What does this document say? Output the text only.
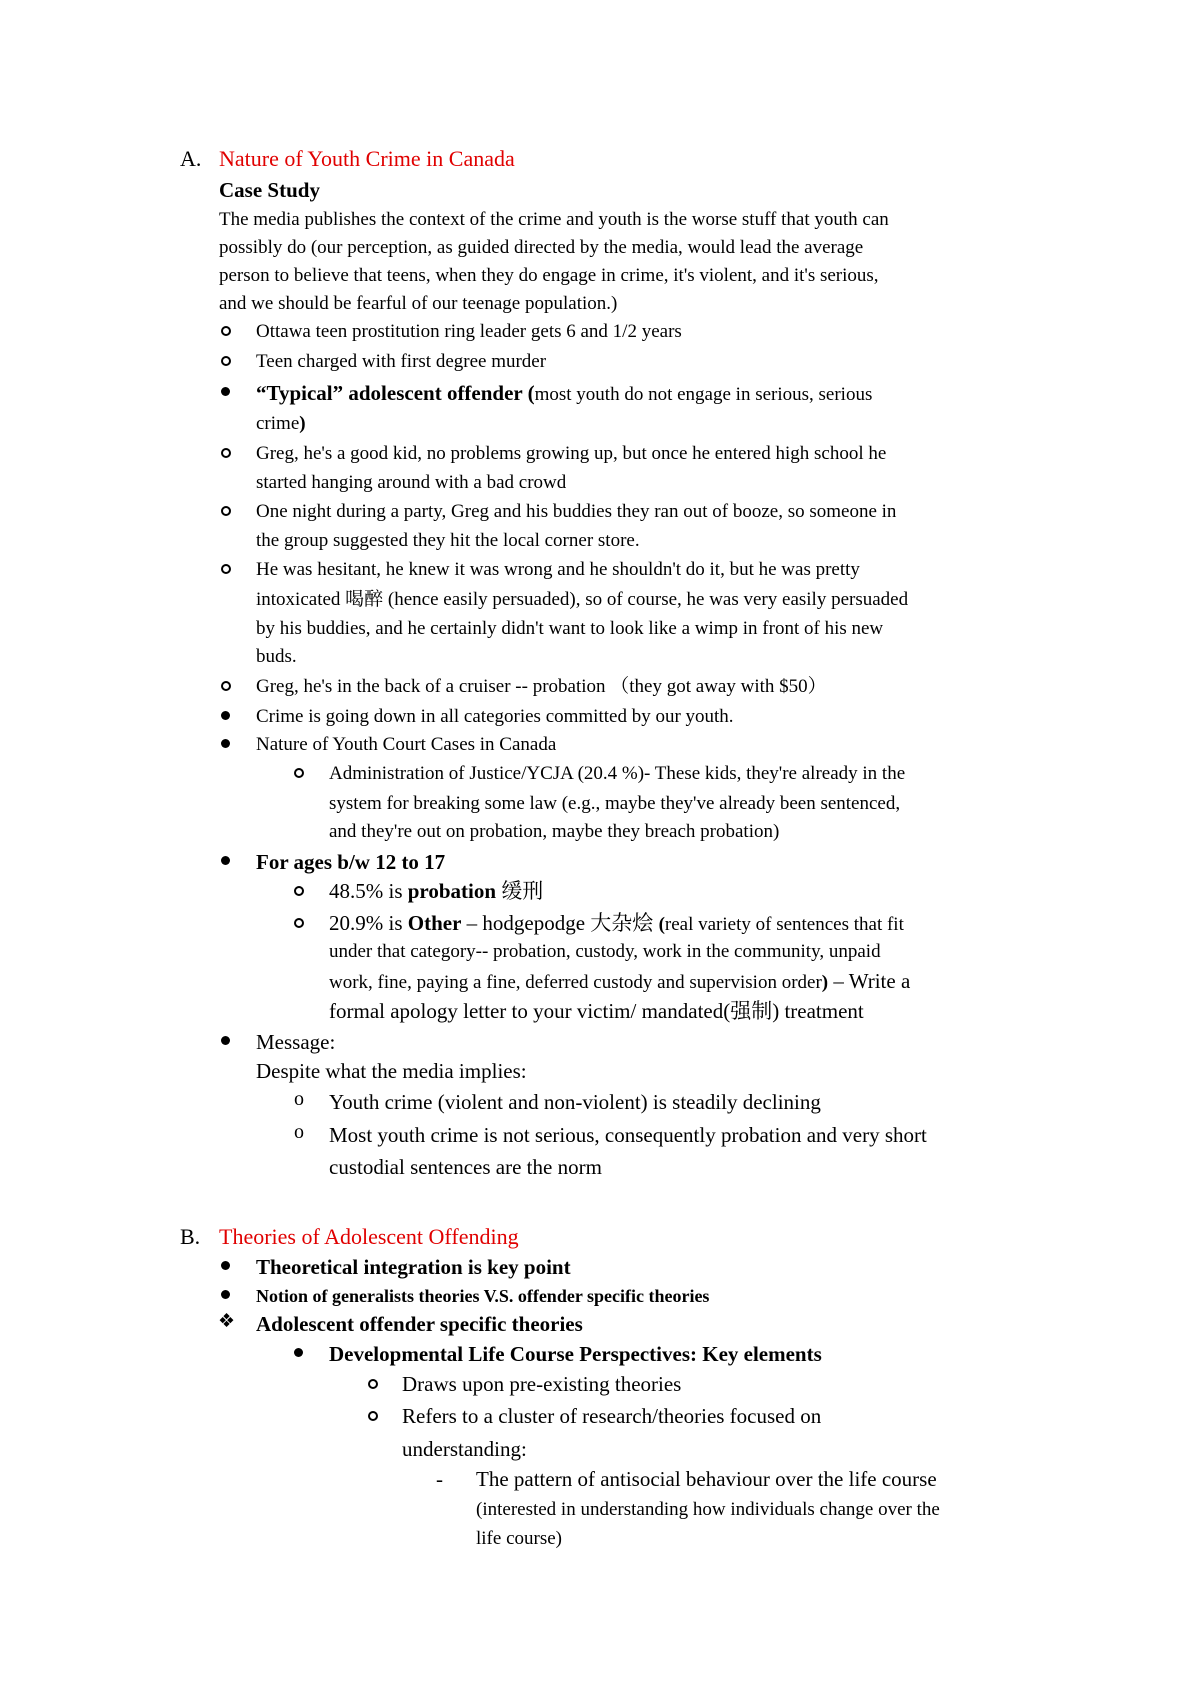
A. Nature of Youth Crime in Canada
Case Study
The media publishes the context of the crime and youth is the worse stuff that youth can
possibly do (our perception, as guided directed by the media, would lead the average
person to believe that teens, when they do engage in crime, it's violent, and it's serious,
and we should be fearful of our teenage population.)
Ottawa teen prostitution ring leader gets 6 and 1/2 years
Teen charged with first degree murder
“Typical” adolescent offender (most youth do not engage in serious, serious
crime)
Greg, he's a good kid, no problems growing up, but once he entered high school he
started hanging around with a bad crowd
One night during a party, Greg and his buddies they ran out of booze, so someone in
the group suggested they hit the local corner store.
He was hesitant, he knew it was wrong and he shouldn't do it, but he was pretty
intoxicated 喝醉 (hence easily persuaded), so of course, he was very easily persuaded
by his buddies, and he certainly didn't want to look like a wimp in front of his new
buds.
Greg, he's in the back of a cruiser -- probation （they got away with $50）
Crime is going down in all categories committed by our youth.
Nature of Youth Court Cases in Canada
Administration of Justice/YCJA (20.4 %)- These kids, they're already in the
system for breaking some law (e.g., maybe they've already been sentenced,
and they're out on probation, maybe they breach probation)
For ages b/w 12 to 17
48.5% is probation 缓刑
20.9% is Other – hodgepodge 大杂烩 (real variety of sentences that fit
under that category-- probation, custody, work in the community, unpaid
work, fine, paying a fine, deferred custody and supervision order) – Write a
formal apology letter to your victim/ mandated(强制) treatment
Message:
Despite what the media implies:
o Youth crime (violent and non-violent) is steadily declining
o Most youth crime is not serious, consequently probation and very short
custodial sentences are the norm
B. Theories of Adolescent Offending
Theoretical integration is key point
Notion of generalists theories V.S. offender specific theories
❖ Adolescent offender specific theories
Developmental Life Course Perspectives: Key elements
Draws upon pre-existing theories
Refers to a cluster of research/theories focused on
understanding:
- The pattern of antisocial behaviour over the life course
(interested in understanding how individuals change over the
life course)
